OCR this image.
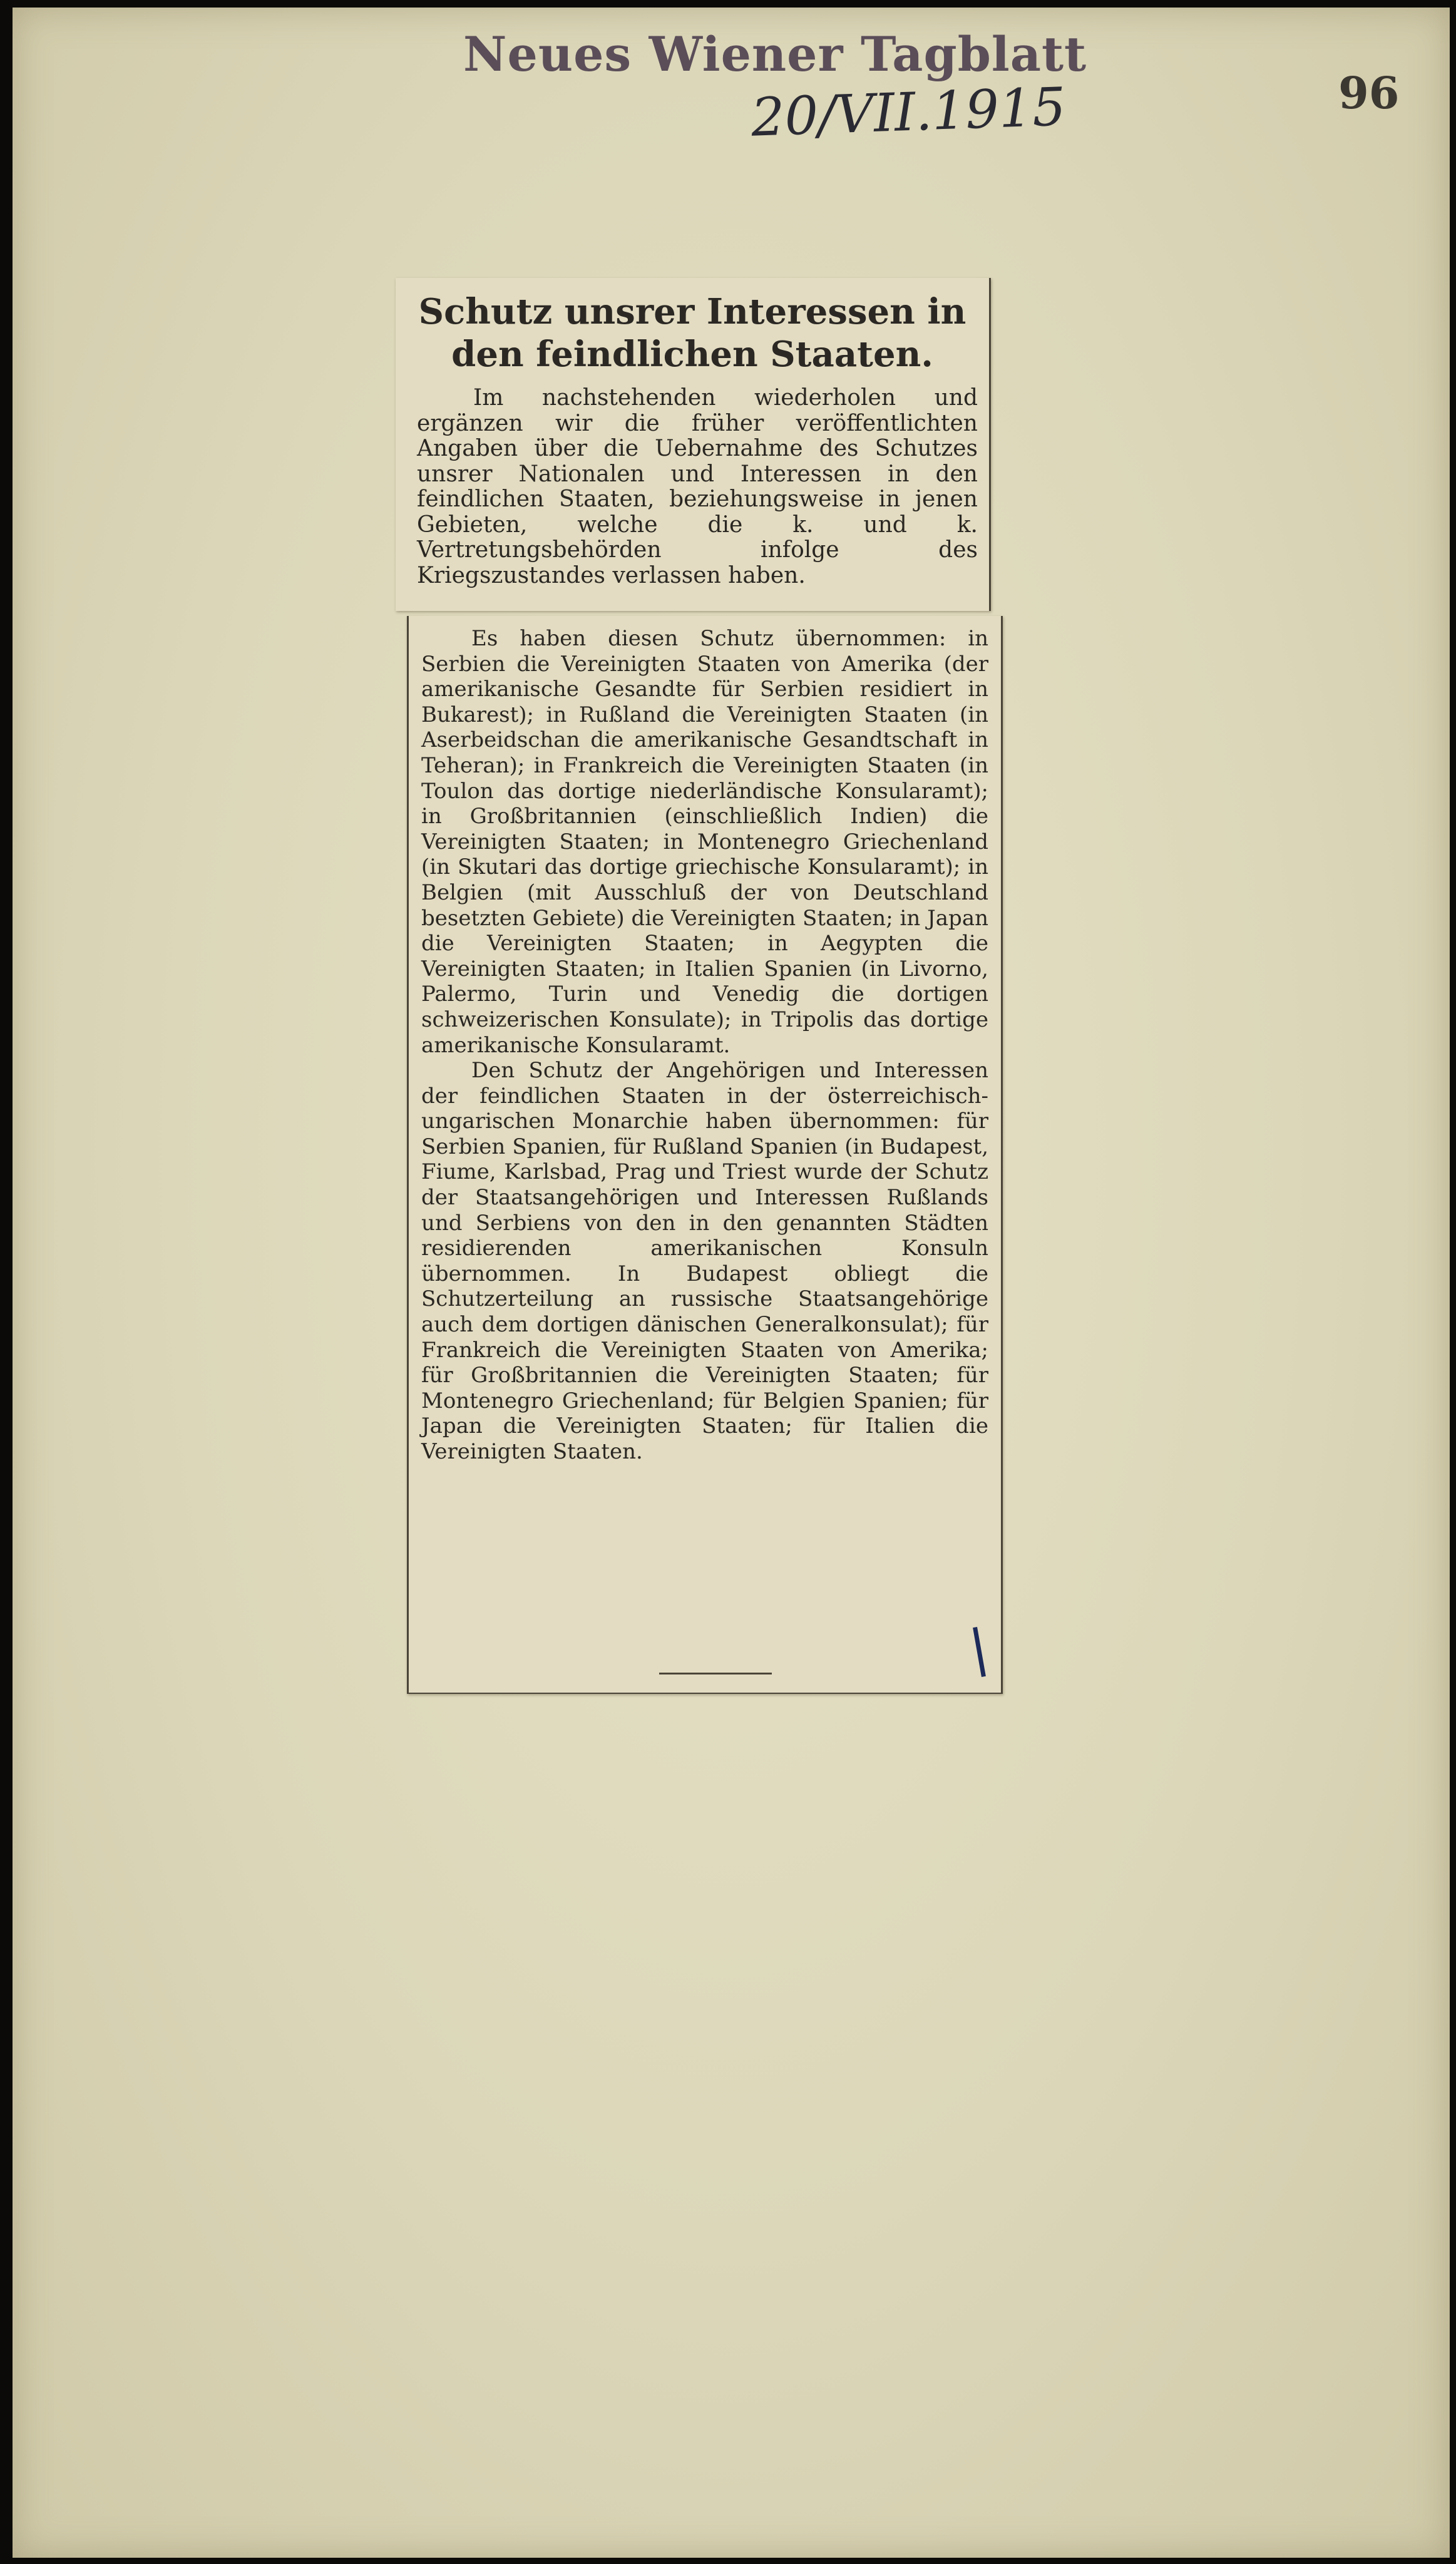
Neues Wiener Tagblatt
20/VII.1915	96
Schutz unsrer Interessen in den feindlichen Staaten.
Im nachstehenden wiederholen und ergänzen wir die früher veröffentlichten Angaben über die Uebernahme des Schutzes unsrer Nationalen und Interessen in den feindlichen Staaten, beziehungsweise in jenen Gebieten, welche die k. und k. Vertretungsbehörden infolge des Kriegszustandes verlassen haben.

Es haben diesen Schutz übernommen: in Serbien die Vereinigten Staaten von Amerika (der amerikanische Gesandte für Serbien residiert in Bukarest); in Rußland die Vereinigten Staaten (in Aserbeidschan die amerikanische Gesandtschaft in Teheran); in Frankreich die Vereinigten Staaten (in Toulon das dortige niederländische Konsularamt); in Großbritannien (einschließlich Indien) die Vereinigten Staaten; in Montenegro Griechenland (in Skutari das dortige griechische Konsularamt); in Belgien (mit Ausschluß der von Deutschland besetzten Gebiete) die Vereinigten Staaten; in Japan die Vereinigten Staaten; in Aegypten die Vereinigten Staaten; in Italien Spanien (in Livorno, Palermo, Turin und Venedig die dortigen schweizerischen Konsulate); in Tripolis das dortige amerikanische Konsularamt.

Den Schutz der Angehörigen und Interessen der feindlichen Staaten in der österreichisch-ungarischen Monarchie haben übernommen: für Serbien Spanien, für Rußland Spanien (in Budapest, Fiume, Karlsbad, Prag und Triest wurde der Schutz der Staatsangehörigen und Interessen Rußlands und Serbiens von den in den genannten Städten residierenden amerikanischen Konsuln übernommen. In Budapest obliegt die Schutzerteilung an russische Staatsangehörige auch dem dortigen dänischen Generalkonsulat); für Frankreich die Vereinigten Staaten von Amerika; für Großbritannien die Vereinigten Staaten; für Montenegro Griechenland; für Belgien Spanien; für Japan die Vereinigten Staaten; für Italien die Vereinigten Staaten.
